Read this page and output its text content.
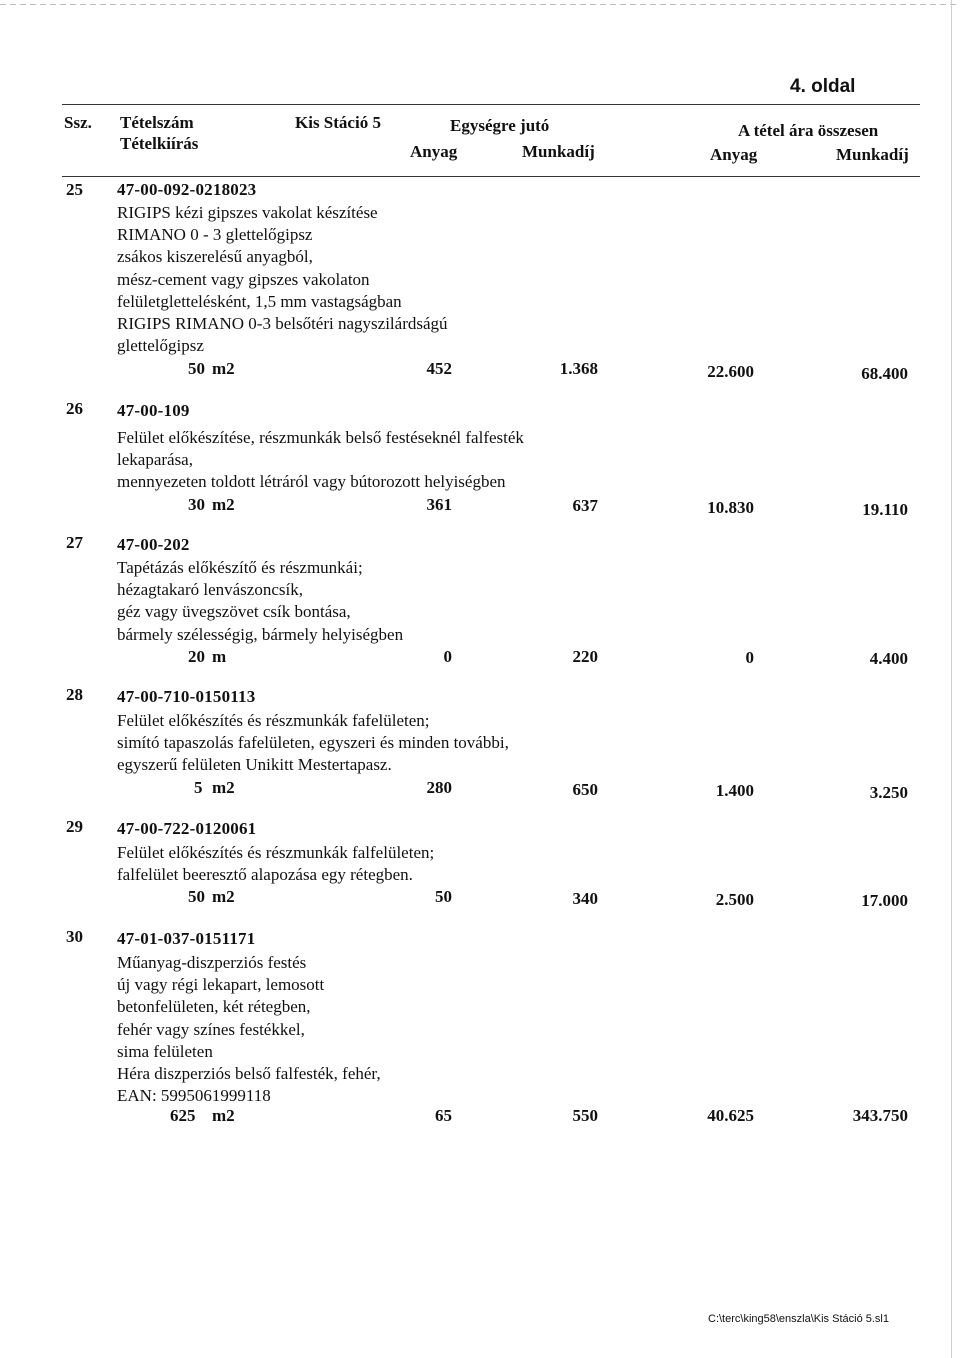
4. oldal
Ssz. Tételszám
Tételkiírás
Kis Stáció 5	Egységre jutó
Anyag	Munkadíj
A tétel ára összesen
Anyag	Munkadíj
25 47-00-092-0218023
RIGIPS kézi gipszes vakolat készítése
RIMANO 0 - 3 glettelőgipsz
zsákos kiszerelésű anyagból,
mész-cement vagy gipszes vakolaton
felületglettelésként, 1,5 mm vastagságban
RIGIPS RIMANO 0-3 belsőtéri nagyszilárdságú
glettelőgipsz
50 m2	452	1.368	22.600	68.400
26 47-00-109
Felület előkészítése, részmunkák belső festéseknél falfesték
lekaparása,
mennyezeten toldott létráról vagy bútorozott helyiségben
30 m2	361	637	10.830	19.110
27 47-00-202
Tapétázás előkészítő és részmunkái;
hézagtakaró lenvászoncsík,
géz vagy üvegszövet csík bontása,
bármely szélességig, bármely helyiségben
20 m	0	220	0	4.400
28 47-00-710-0150113
Felület előkészítés és részmunkák fafelületen;
simító tapaszolás fafelületen, egyszeri és minden további,
egyszerű felületen Unikitt Mestertapasz.
5 m2	280	650	1.400	3.250
29 47-00-722-0120061
Felület előkészítés és részmunkák falfelületen;
falfelület beeresztő alapozása egy rétegben.
50 m2	50	340	2.500	17.000
30 47-01-037-0151171
Műanyag-diszperziós festés
új vagy régi lekapart, lemosott
betonfelületen, két rétegben,
fehér vagy színes festékkel,
sima felületen
Héra diszperziós belső falfesték, fehér,
EAN: 5995061999118
625 m2	65	550	40.625	343.750
C:\terc\king58\enszla\Kis Stáció 5.sl1
